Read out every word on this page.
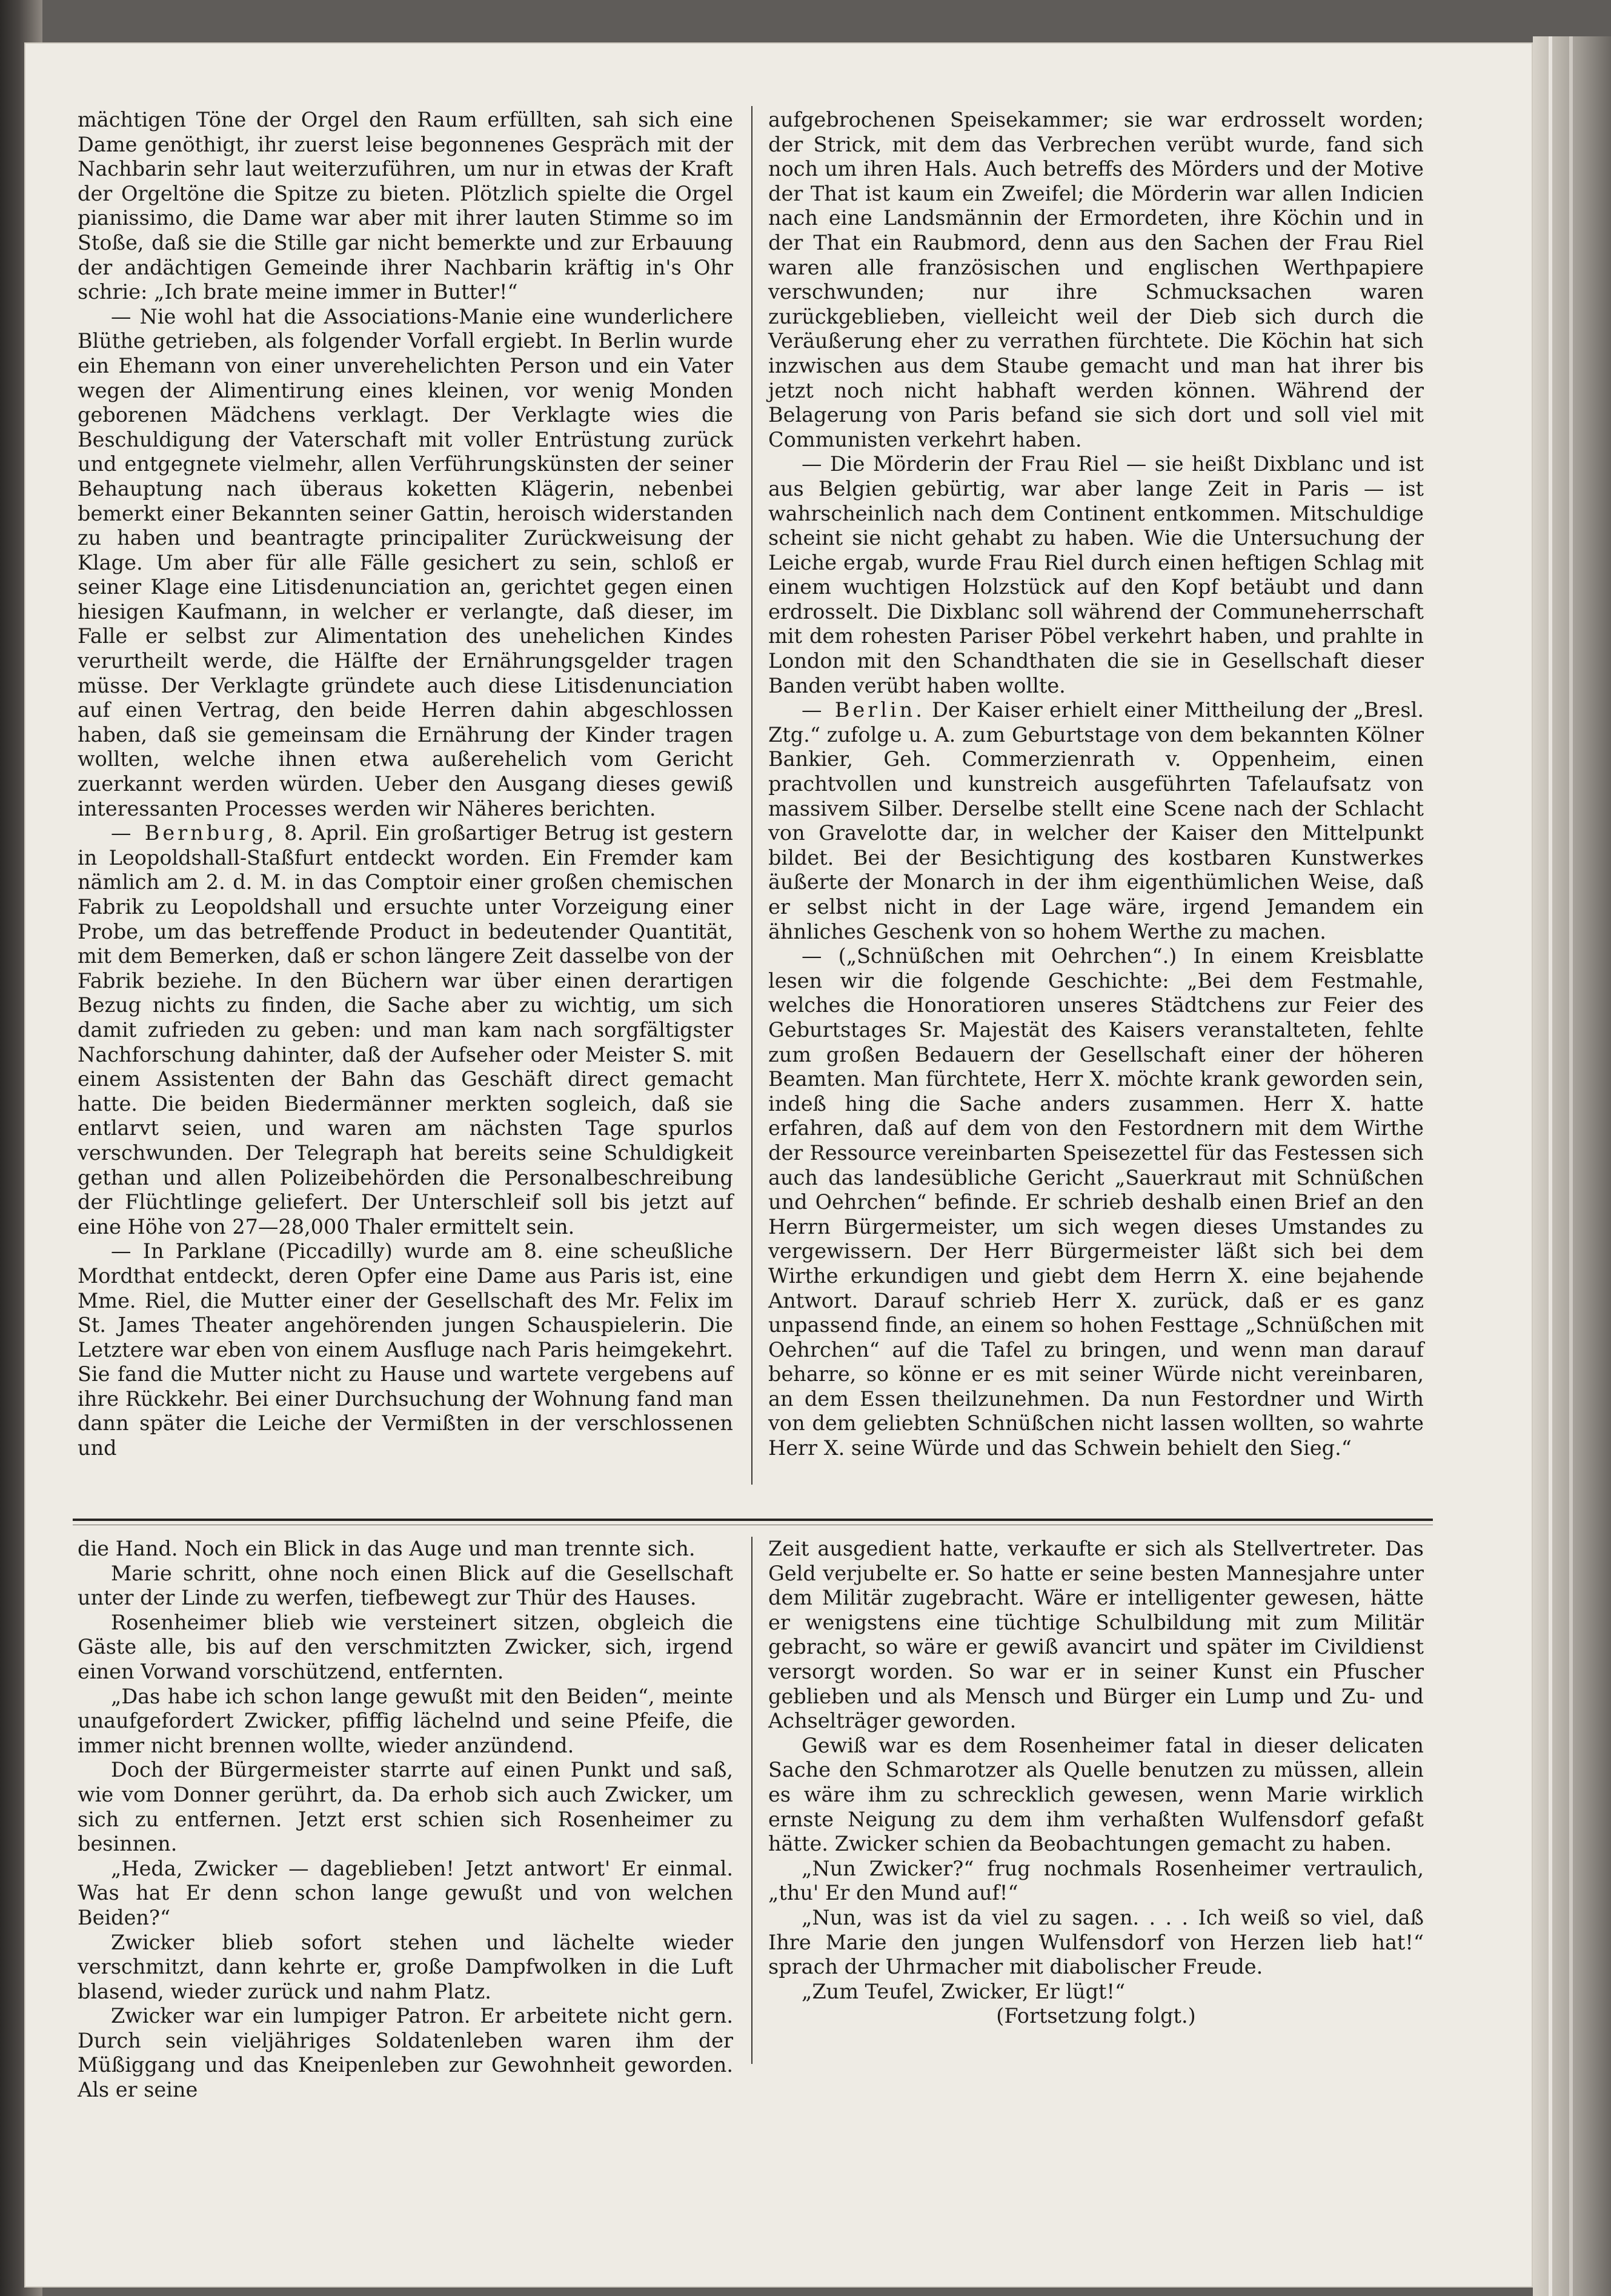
mächtigen Töne der Orgel den Raum erfüllten, sah sich eine Dame genöthigt, ihr zuerst leise begonnenes Gespräch mit der Nachbarin sehr laut weiterzuführen, um nur in etwas der Kraft der Orgeltöne die Spitze zu bieten. Plötzlich spielte die Orgel pianissimo, die Dame war aber mit ihrer lauten Stimme so im Stoße, daß sie die Stille gar nicht bemerkte und zur Erbauung der andächtigen Gemeinde ihrer Nachbarin kräftig in's Ohr schrie: „Ich brate meine immer in Butter!“

— Nie wohl hat die Associations-Manie eine wunderlichere Blüthe getrieben, als folgender Vorfall ergiebt. In Berlin wurde ein Ehemann von einer unverehelichten Person und ein Vater wegen der Alimentirung eines kleinen, vor wenig Monden geborenen Mädchens verklagt. Der Verklagte wies die Beschuldigung der Vaterschaft mit voller Entrüstung zurück und entgegnete vielmehr, allen Verführungskünsten der seiner Behauptung nach überaus koketten Klägerin, nebenbei bemerkt einer Bekannten seiner Gattin, heroisch widerstanden zu haben und beantragte principaliter Zurückweisung der Klage. Um aber für alle Fälle gesichert zu sein, schloß er seiner Klage eine Litisdenunciation an, gerichtet gegen einen hiesigen Kaufmann, in welcher er verlangte, daß dieser, im Falle er selbst zur Alimentation des unehelichen Kindes verurtheilt werde, die Hälfte der Ernährungsgelder tragen müsse. Der Verklagte gründete auch diese Litisdenunciation auf einen Vertrag, den beide Herren dahin abgeschlossen haben, daß sie gemeinsam die Ernährung der Kinder tragen wollten, welche ihnen etwa außerehelich vom Gericht zuerkannt werden würden. Ueber den Ausgang dieses gewiß interessanten Processes werden wir Näheres berichten.

— Bernburg, 8. April. Ein großartiger Betrug ist gestern in Leopoldshall-Staßfurt entdeckt worden. Ein Fremder kam nämlich am 2. d. M. in das Comptoir einer großen chemischen Fabrik zu Leopoldshall und ersuchte unter Vorzeigung einer Probe, um das betreffende Product in bedeutender Quantität, mit dem Bemerken, daß er schon längere Zeit dasselbe von der Fabrik beziehe. In den Büchern war über einen derartigen Bezug nichts zu finden, die Sache aber zu wichtig, um sich damit zufrieden zu geben: und man kam nach sorgfältigster Nachforschung dahinter, daß der Aufseher oder Meister S. mit einem Assistenten der Bahn das Geschäft direct gemacht hatte. Die beiden Biedermänner merkten sogleich, daß sie entlarvt seien, und waren am nächsten Tage spurlos verschwunden. Der Telegraph hat bereits seine Schuldigkeit gethan und allen Polizeibehörden die Personalbeschreibung der Flüchtlinge geliefert. Der Unterschleif soll bis jetzt auf eine Höhe von 27—28,000 Thaler ermittelt sein.

— In Parklane (Piccadilly) wurde am 8. eine scheußliche Mordthat entdeckt, deren Opfer eine Dame aus Paris ist, eine Mme. Riel, die Mutter einer der Gesellschaft des Mr. Felix im St. James Theater angehörenden jungen Schauspielerin. Die Letztere war eben von einem Ausfluge nach Paris heimgekehrt. Sie fand die Mutter nicht zu Hause und wartete vergebens auf ihre Rückkehr. Bei einer Durchsuchung der Wohnung fand man dann später die Leiche der Vermißten in der verschlossenen und

aufgebrochenen Speisekammer; sie war erdrosselt worden; der Strick, mit dem das Verbrechen verübt wurde, fand sich noch um ihren Hals. Auch betreffs des Mörders und der Motive der That ist kaum ein Zweifel; die Mörderin war allen Indicien nach eine Landsmännin der Ermordeten, ihre Köchin und in der That ein Raubmord, denn aus den Sachen der Frau Riel waren alle französischen und englischen Werthpapiere verschwunden; nur ihre Schmucksachen waren zurückgeblieben, vielleicht weil der Dieb sich durch die Veräußerung eher zu verrathen fürchtete. Die Köchin hat sich inzwischen aus dem Staube gemacht und man hat ihrer bis jetzt noch nicht habhaft werden können. Während der Belagerung von Paris befand sie sich dort und soll viel mit Communisten verkehrt haben.

— Die Mörderin der Frau Riel — sie heißt Dixblanc und ist aus Belgien gebürtig, war aber lange Zeit in Paris — ist wahrscheinlich nach dem Continent entkommen. Mitschuldige scheint sie nicht gehabt zu haben. Wie die Untersuchung der Leiche ergab, wurde Frau Riel durch einen heftigen Schlag mit einem wuchtigen Holzstück auf den Kopf betäubt und dann erdrosselt. Die Dixblanc soll während der Communeherrschaft mit dem rohesten Pariser Pöbel verkehrt haben, und prahlte in London mit den Schandthaten die sie in Gesellschaft dieser Banden verübt haben wollte.

— Berlin. Der Kaiser erhielt einer Mittheilung der „Bresl. Ztg.“ zufolge u. A. zum Geburtstage von dem bekannten Kölner Bankier, Geh. Commerzienrath v. Oppenheim, einen prachtvollen und kunstreich ausgeführten Tafelaufsatz von massivem Silber. Derselbe stellt eine Scene nach der Schlacht von Gravelotte dar, in welcher der Kaiser den Mittelpunkt bildet. Bei der Besichtigung des kostbaren Kunstwerkes äußerte der Monarch in der ihm eigenthümlichen Weise, daß er selbst nicht in der Lage wäre, irgend Jemandem ein ähnliches Geschenk von so hohem Werthe zu machen.

— („Schnüßchen mit Oehrchen“.) In einem Kreisblatte lesen wir die folgende Geschichte: „Bei dem Festmahle, welches die Honoratioren unseres Städtchens zur Feier des Geburtstages Sr. Majestät des Kaisers veranstalteten, fehlte zum großen Bedauern der Gesellschaft einer der höheren Beamten. Man fürchtete, Herr X. möchte krank geworden sein, indeß hing die Sache anders zusammen. Herr X. hatte erfahren, daß auf dem von den Festordnern mit dem Wirthe der Ressource vereinbarten Speisezettel für das Festessen sich auch das landesübliche Gericht „Sauerkraut mit Schnüßchen und Oehrchen“ befinde. Er schrieb deshalb einen Brief an den Herrn Bürgermeister, um sich wegen dieses Umstandes zu vergewissern. Der Herr Bürgermeister läßt sich bei dem Wirthe erkundigen und giebt dem Herrn X. eine bejahende Antwort. Darauf schrieb Herr X. zurück, daß er es ganz unpassend finde, an einem so hohen Festtage „Schnüßchen mit Oehrchen“ auf die Tafel zu bringen, und wenn man darauf beharre, so könne er es mit seiner Würde nicht vereinbaren, an dem Essen theilzunehmen. Da nun Festordner und Wirth von dem geliebten Schnüßchen nicht lassen wollten, so wahrte Herr X. seine Würde und das Schwein behielt den Sieg.“

die Hand. Noch ein Blick in das Auge und man trennte sich.

Marie schritt, ohne noch einen Blick auf die Gesellschaft unter der Linde zu werfen, tiefbewegt zur Thür des Hauses.

Rosenheimer blieb wie versteinert sitzen, obgleich die Gäste alle, bis auf den verschmitzten Zwicker, sich, irgend einen Vorwand vorschützend, entfernten.

„Das habe ich schon lange gewußt mit den Beiden“, meinte unaufgefordert Zwicker, pfiffig lächelnd und seine Pfeife, die immer nicht brennen wollte, wieder anzündend.

Doch der Bürgermeister starrte auf einen Punkt und saß, wie vom Donner gerührt, da. Da erhob sich auch Zwicker, um sich zu entfernen. Jetzt erst schien sich Rosenheimer zu besinnen.

„Heda, Zwicker — dageblieben! Jetzt antwort' Er einmal. Was hat Er denn schon lange gewußt und von welchen Beiden?“

Zwicker blieb sofort stehen und lächelte wieder verschmitzt, dann kehrte er, große Dampfwolken in die Luft blasend, wieder zurück und nahm Platz.

Zwicker war ein lumpiger Patron. Er arbeitete nicht gern. Durch sein vieljähriges Soldatenleben waren ihm der Müßiggang und das Kneipenleben zur Gewohnheit geworden. Als er seine

Zeit ausgedient hatte, verkaufte er sich als Stellvertreter. Das Geld verjubelte er. So hatte er seine besten Mannesjahre unter dem Militär zugebracht. Wäre er intelligenter gewesen, hätte er wenigstens eine tüchtige Schulbildung mit zum Militär gebracht, so wäre er gewiß avancirt und später im Civildienst versorgt worden. So war er in seiner Kunst ein Pfuscher geblieben und als Mensch und Bürger ein Lump und Zu- und Achselträger geworden.

Gewiß war es dem Rosenheimer fatal in dieser delicaten Sache den Schmarotzer als Quelle benutzen zu müssen, allein es wäre ihm zu schrecklich gewesen, wenn Marie wirklich ernste Neigung zu dem ihm verhaßten Wulfensdorf gefaßt hätte. Zwicker schien da Beobachtungen gemacht zu haben.

„Nun Zwicker?“ frug nochmals Rosenheimer vertraulich, „thu' Er den Mund auf!“

„Nun, was ist da viel zu sagen. . . . Ich weiß so viel, daß Ihre Marie den jungen Wulfensdorf von Herzen lieb hat!“ sprach der Uhrmacher mit diabolischer Freude.

„Zum Teufel, Zwicker, Er lügt!“

(Fortsetzung folgt.)
